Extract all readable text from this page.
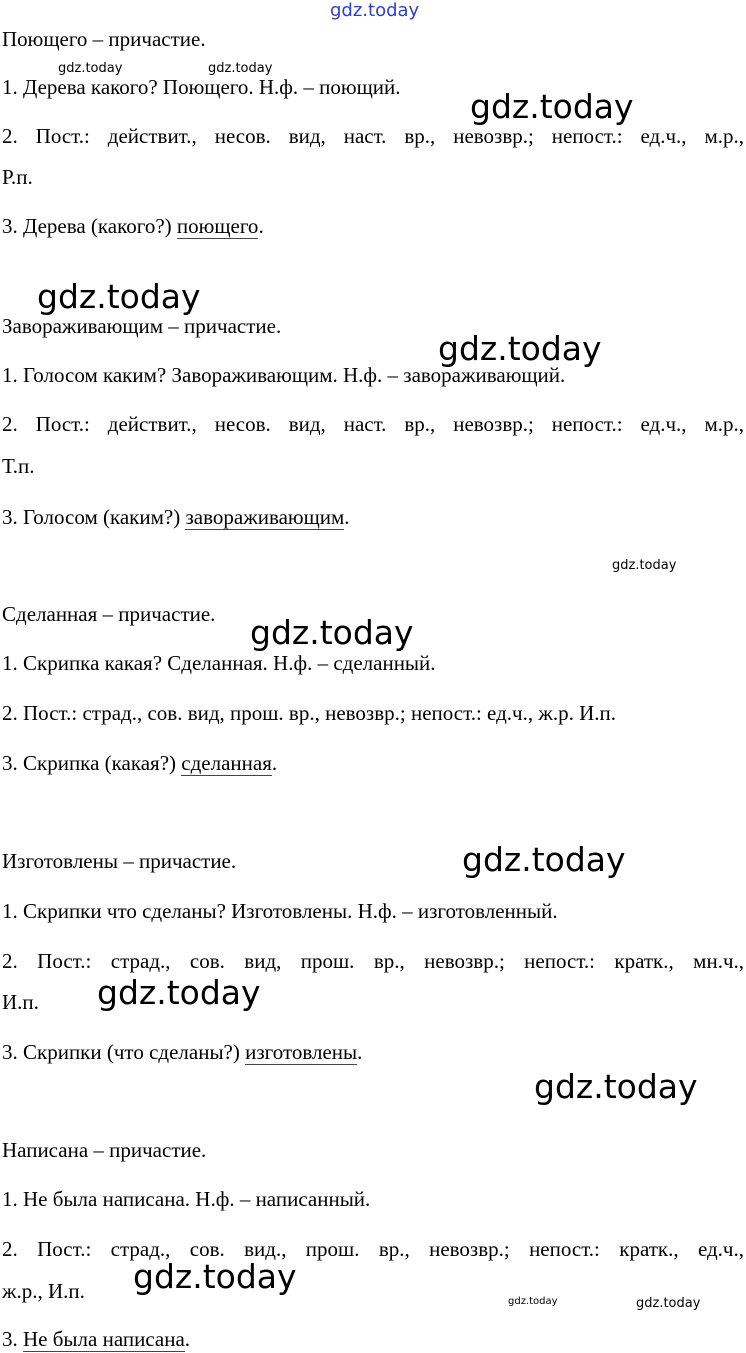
Поющего – причастие.

1. Дерева какого? Поющего. Н.ф. – поющий.

2. Пост.: действит., несов. вид, наст. вр., невозвр.; непост.: ед.ч., м.р.,

Р.п.

3. Дерева (какого?) поющего.

Завораживающим – причастие.

1. Голосом каким? Завораживающим. Н.ф. – завораживающий.

2. Пост.: действит., несов. вид, наст. вр., невозвр.; непост.: ед.ч., м.р.,

Т.п.

3. Голосом (каким?) завораживающим.

Сделанная – причастие.

1. Скрипка какая? Сделанная. Н.ф. – сделанный.

2. Пост.: страд., сов. вид, прош. вр., невозвр.; непост.: ед.ч., ж.р. И.п.

3. Скрипка (какая?) сделанная.

Изготовлены – причастие.

1. Скрипки что сделаны? Изготовлены. Н.ф. – изготовленный.

2. Пост.: страд., сов. вид, прош. вр., невозвр.; непост.: кратк., мн.ч.,

И.п.

3. Скрипки (что сделаны?) изготовлены.

Написана – причастие.

1. Не была написана. Н.ф. – написанный.

2. Пост.: страд., сов. вид., прош. вр., невозвр.; непост.: кратк., ед.ч.,

ж.р., И.п.

3. Не была написана.

gdz.today
gdz.today	gdz.today
gdz.today
gdz.today
gdz.today
gdz.today
gdz.today
gdz.today
gdz.today
gdz.today
gdz.today
gdz.today	gdz.today
